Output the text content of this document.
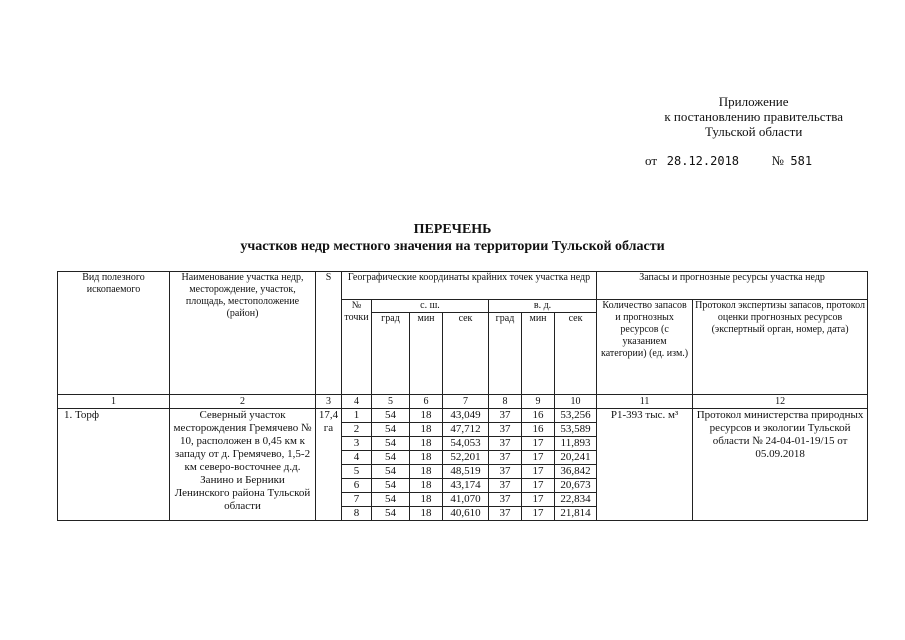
Приложение
к постановлению правительства
Тульской области
от 28.12.2018	№ 581
ПЕРЕЧЕНЬ
участков недр местного значения на территории Тульской области
Вид полезного ископаемого	Наименование участка недр, месторождение, участок, площадь, местоположение (район)	S	Географические координаты крайних точек участка недр							Запасы и прогнозные ресурсы участка недр	
			№ точки	с. ш.			в. д.			Количество запасов и прогнозных ресурсов (с указанием категории) (ед. изм.)	Протокол экспертизы запасов, протокол оценки прогнозных ресурсов (экспертный орган, номер, дата)
				град	мин	сек	град	мин	сек		
1	2	3	4	5	6	7	8	9	10	11	12
1. Торф	Северный участок месторождения Гремячево № 10, расположен в 0,45 км к западу от д. Гремячево, 1,5-2 км северо-восточнее д.д. Занино и Берники Ленинского района Тульской области	17,4 га	1	54	18	43,049	37	16	53,256	Р1-393 тыс. м³	Протокол министерства природных ресурсов и экологии Тульской области № 24-04-01-19/15 от 05.09.2018
			2	54	18	47,712	37	16	53,589		
			3	54	18	54,053	37	17	11,893		
			4	54	18	52,201	37	17	20,241		
			5	54	18	48,519	37	17	36,842		
			6	54	18	43,174	37	17	20,673		
			7	54	18	41,070	37	17	22,834		
			8	54	18	40,610	37	17	21,814		
